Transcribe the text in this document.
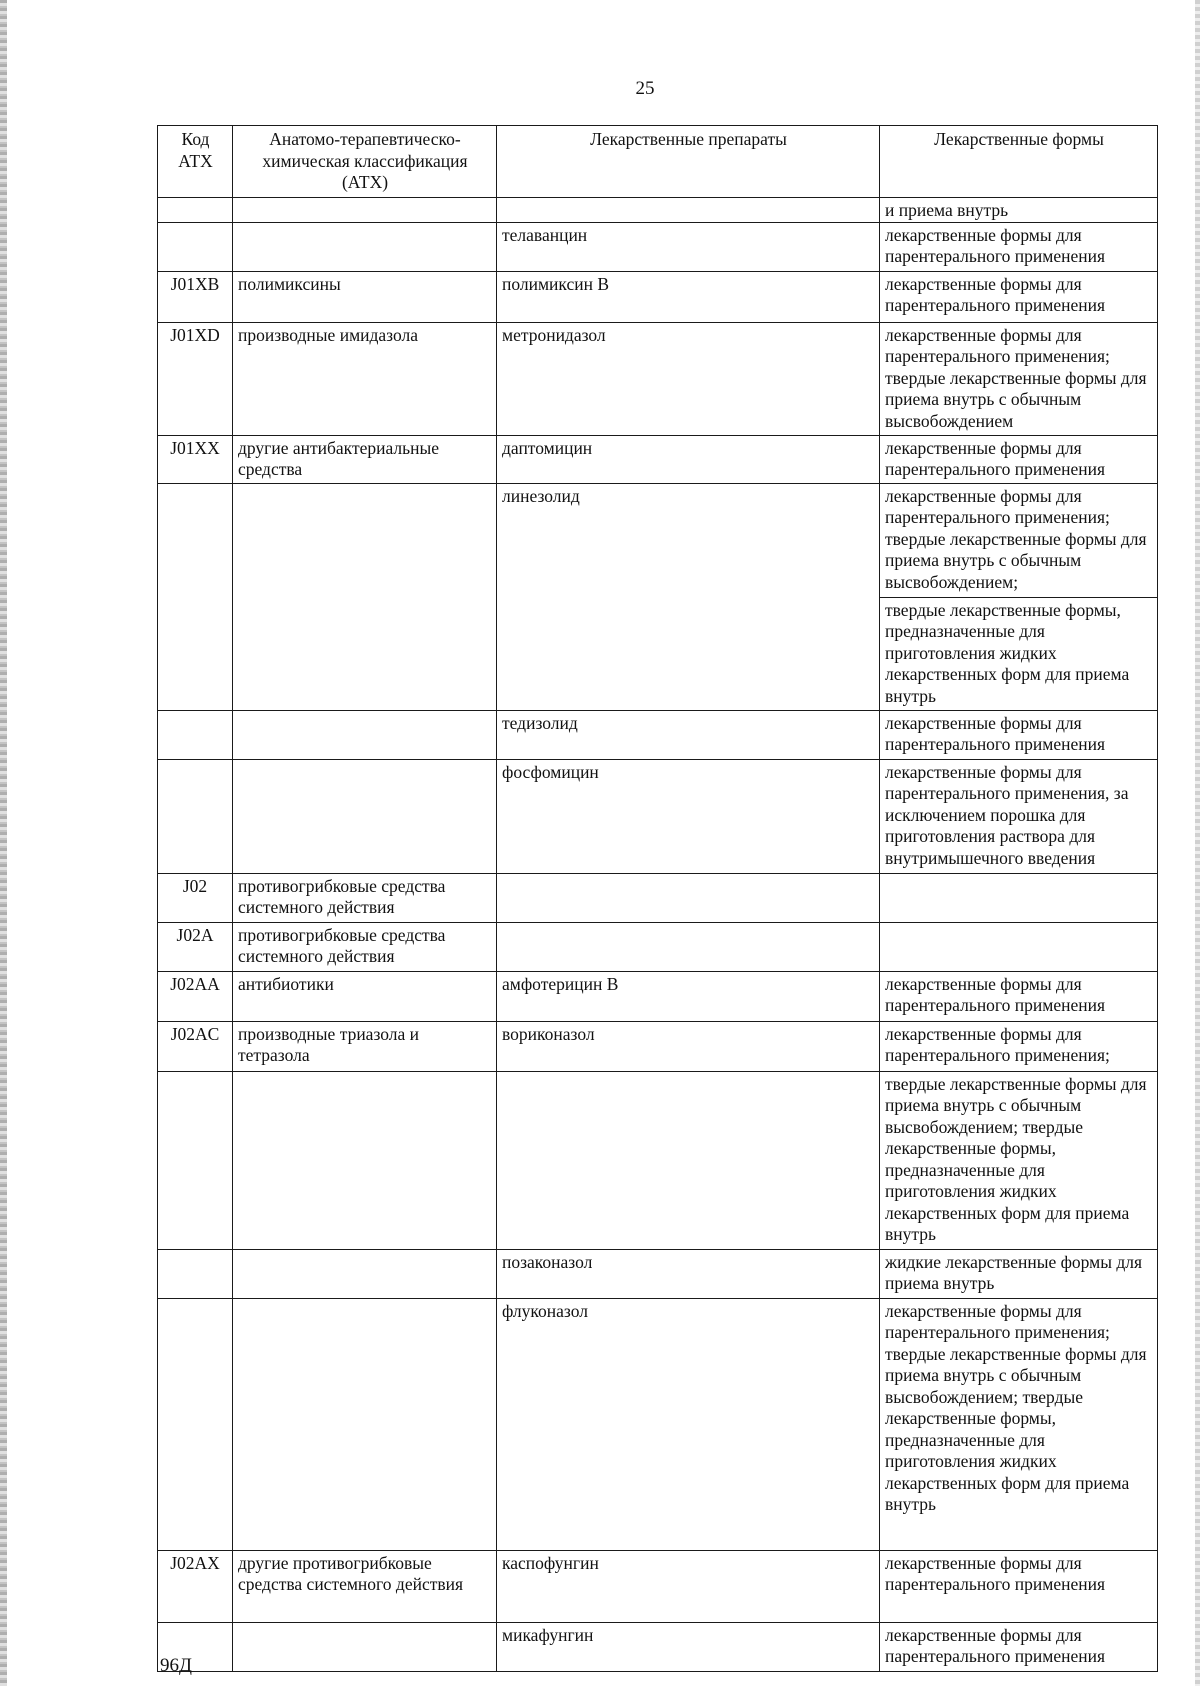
25
Код АТХ	Анатомо-терапевтическо-химическая классификация (АТХ)	Лекарственные препараты	Лекарственные формы
			и приема внутрь
		телаванцин	лекарственные формы для парентерального применения
J01XB	полимиксины	полимиксин В	лекарственные формы для парентерального применения
J01XD	производные имидазола	метронидазол	лекарственные формы для парентерального применения; твердые лекарственные формы для приема внутрь с обычным высвобождением
J01XX	другие антибактериальные средства	даптомицин	лекарственные формы для парентерального применения
		линезолид	лекарственные формы для парентерального применения; твердые лекарственные формы для приема внутрь с обычным высвобождением;
			твердые лекарственные формы, предназначенные для приготовления жидких лекарственных форм для приема внутрь
		тедизолид	лекарственные формы для парентерального применения
		фосфомицин	лекарственные формы для парентерального применения, за исключением порошка для приготовления раствора для внутримышечного введения
J02	противогрибковые средства системного действия		
J02A	противогрибковые средства системного действия		
J02AA	антибиотики	амфотерицин В	лекарственные формы для парентерального применения
J02AC	производные триазола и тетразола	вориконазол	лекарственные формы для парентерального применения;
			твердые лекарственные формы для приема внутрь с обычным высвобождением; твердые лекарственные формы, предназначенные для приготовления жидких лекарственных форм для приема внутрь
		позаконазол	жидкие лекарственные формы для приема внутрь
		флуконазол	лекарственные формы для парентерального применения; твердые лекарственные формы для приема внутрь с обычным высвобождением; твердые лекарственные формы, предназначенные для приготовления жидких лекарственных форм для приема внутрь
J02AX	другие противогрибковые средства системного действия	каспофунгин	лекарственные формы для парентерального применения
		микафунгин	лекарственные формы для парентерального применения
96Д
